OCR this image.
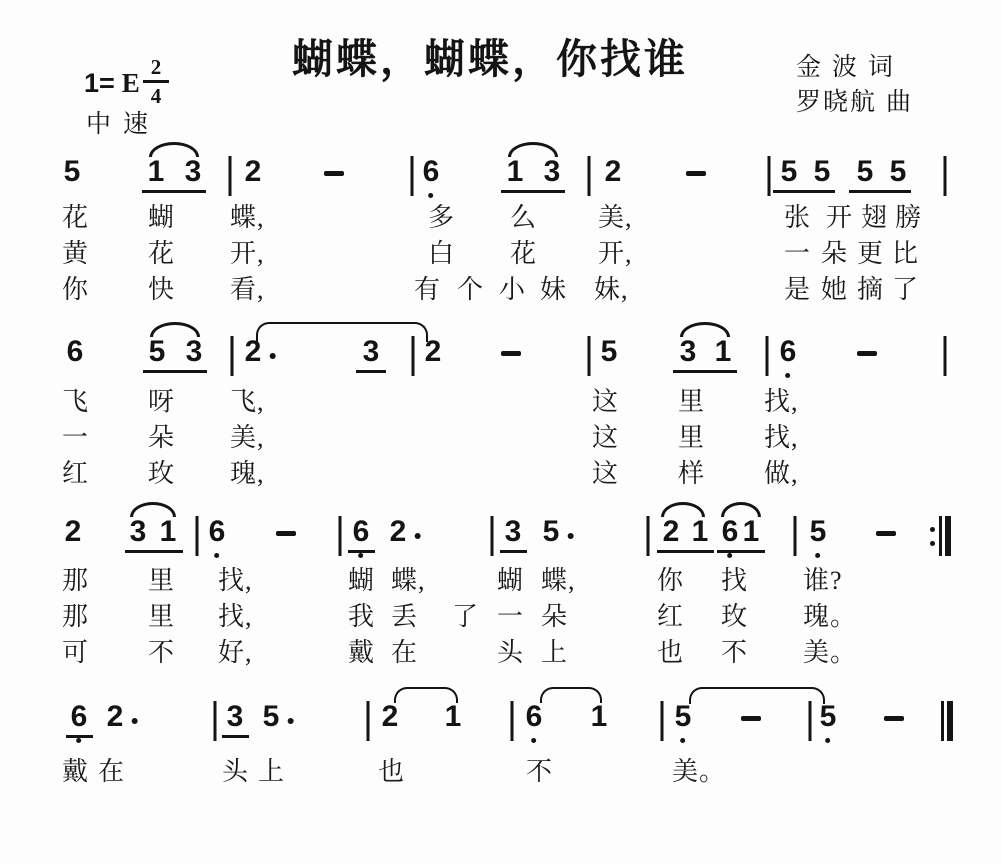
蝴蝶，蝴蝶，你找谁
1= E $\frac{2}{4}$
中速
金 波 词
罗晓航 曲
5 1 3 2	6 1 3 2	5 5 5 5
花 蝴 蝶,	多 么 美,	张 开 翅 膀
黄 花 开,	白 花 开,	一 朵 更 比
你 快 看,	有 个 小 妹 妹,	是 她 摘 了
6 5 3 2	3 2	5 3 1 6
飞 呀 飞,	这 里 找,
一 朵 美,	这 里 找,
红 玫 瑰,	这 样 做,
2 3 1 6	6 2	3 5	2 1 6 1 5
那 里 找,	蝴 蝶,	蝴 蝶,	你 找 谁?
那 里 找,	我 丢 了 一 朵	红 玫 瑰。
可 不 好,	戴 在	头 上	也 不 美。
6 2	3 5	2 1 6 1 5	5
戴 在	头 上	也	不	美。
